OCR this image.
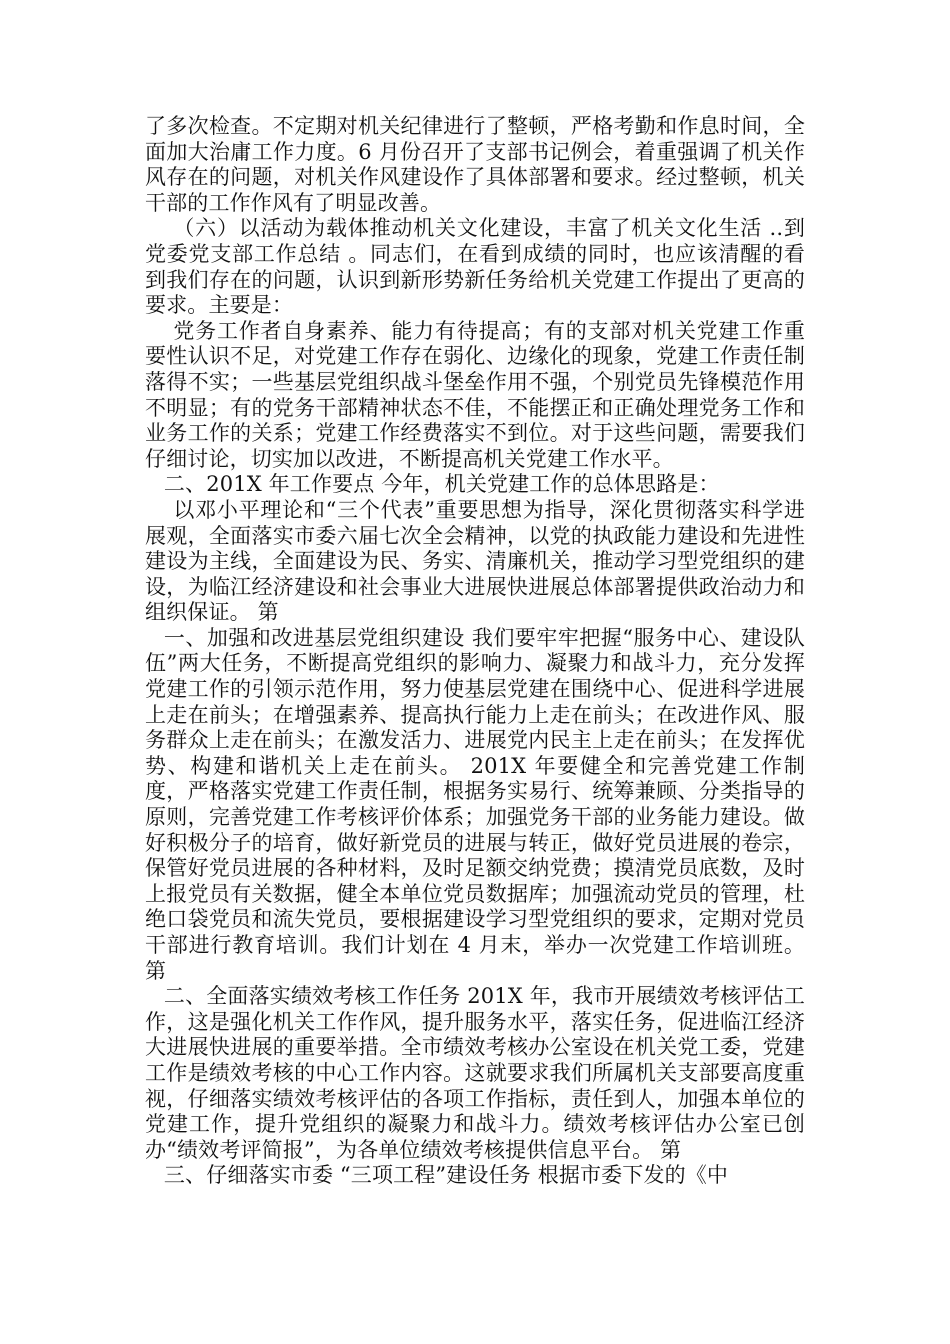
了多次检查。不定期对机关纪律进行了整顿，严格考勤和作息时间，全面加大治庸工作力度。6 月份召开了支部书记例会，着重强调了机关作风存在的问题，对机关作风建设作了具体部署和要求。经过整顿，机关干部的工作作风有了明显改善。

（六）以活动为载体推动机关文化建设，丰富了机关文化生活 ..到 党委党支部工作总结 。同志们，在看到成绩的同时，也应该清醒的看到我们存在的问题，认识到新形势新任务给机关党建工作提出了更高的要求。主要是：

党务工作者自身素养、能力有待提高；有的支部对机关党建工作重要性认识不足，对党建工作存在弱化、边缘化的现象，党建工作责任制落得不实；一些基层党组织战斗堡垒作用不强，个别党员先锋模范作用不明显；有的党务干部精神状态不佳，不能摆正和正确处理党务工作和业务工作的关系；党建工作经费落实不到位。对于这些问题，需要我们仔细讨论，切实加以改进，不断提高机关党建工作水平。

二、201X 年工作要点 今年，机关党建工作的总体思路是：

以邓小平理论和“三个代表”重要思想为指导，深化贯彻落实科学进展观，全面落实市委六届七次全会精神，以党的执政能力建设和先进性建设为主线，全面建设为民、务实、清廉机关，推动学习型党组织的建设，为临江经济建设和社会事业大进展快进展总体部署提供政治动力和组织保证。 第

一、加强和改进基层党组织建设 我们要牢牢把握“服务中心、建设队伍”两大任务，不断提高党组织的影响力、凝聚力和战斗力，充分发挥党建工作的引领示范作用，努力使基层党建在围绕中心、促进科学进展上走在前头；在增强素养、提高执行能力上走在前头；在改进作风、服务群众上走在前头；在激发活力、进展党内民主上走在前头；在发挥优势、构建和谐机关上走在前头。 201X 年要健全和完善党建工作制度，严格落实党建工作责任制，根据务实易行、统筹兼顾、分类指导的原则，完善党建工作考核评价体系；加强党务干部的业务能力建设。做好积极分子的培育，做好新党员的进展与转正，做好党员进展的卷宗，保管好党员进展的各种材料，及时足额交纳党费；摸清党员底数，及时上报党员有关数据，健全本单位党员数据库；加强流动党员的管理，杜绝口袋党员和流失党员，要根据建设学习型党组织的要求，定期对党员干部进行教育培训。我们计划在 4 月末，举办一次党建工作培训班。 第

二、全面落实绩效考核工作任务 201X 年，我市开展绩效考核评估工作，这是强化机关工作作风，提升服务水平，落实任务，促进临江经济大进展快进展的重要举措。全市绩效考核办公室设在机关党工委，党建工作是绩效考核的中心工作内容。这就要求我们所属机关支部要高度重视，仔细落实绩效考核评估的各项工作指标，责任到人，加强本单位的党建工作，提升党组织的凝聚力和战斗力。绩效考核评估办公室已创办“绩效考评简报”，为各单位绩效考核提供信息平台。 第

三、仔细落实市委 “三项工程”建设任务 根据市委下发的《中
